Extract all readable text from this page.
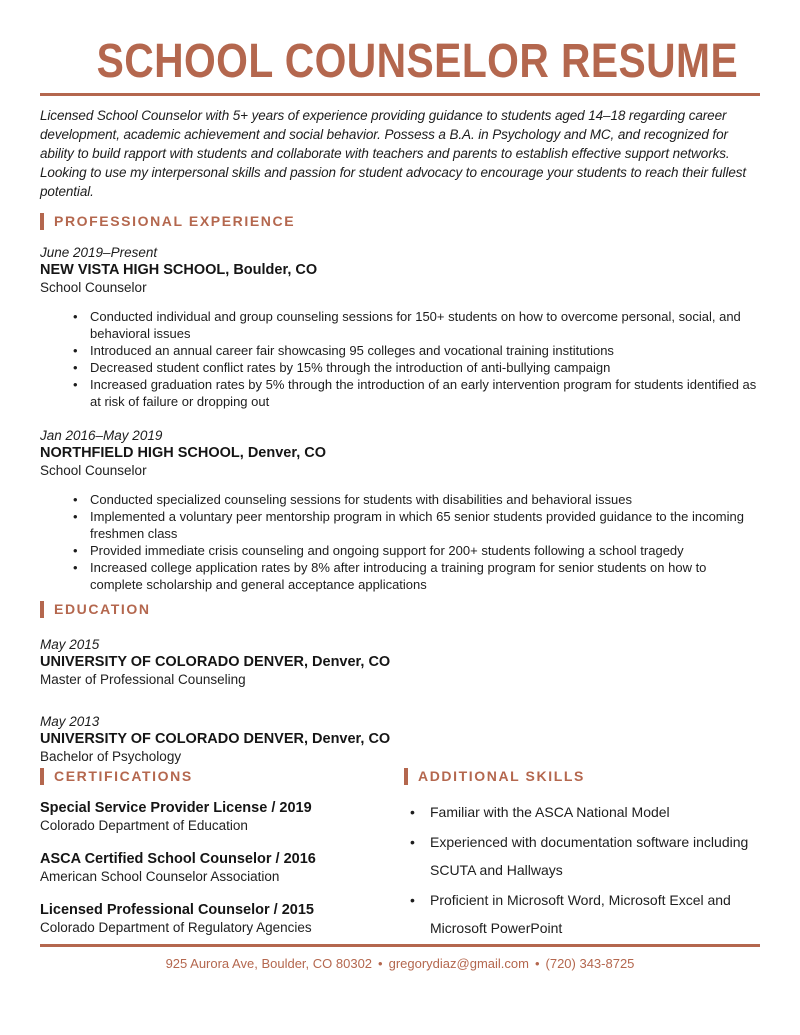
SCHOOL COUNSELOR RESUME
Licensed School Counselor with 5+ years of experience providing guidance to students aged 14–18 regarding career development, academic achievement and social behavior. Possess a B.A. in Psychology and MC, and recognized for ability to build rapport with students and collaborate with teachers and parents to establish effective support networks. Looking to use my interpersonal skills and passion for student advocacy to encourage your students to reach their fullest potential.
PROFESSIONAL EXPERIENCE
June 2019–Present
NEW VISTA HIGH SCHOOL, Boulder, CO
School Counselor
• Conducted individual and group counseling sessions for 150+ students on how to overcome personal, social, and behavioral issues
• Introduced an annual career fair showcasing 95 colleges and vocational training institutions
• Decreased student conflict rates by 15% through the introduction of anti-bullying campaign
• Increased graduation rates by 5% through the introduction of an early intervention program for students identified as at risk of failure or dropping out
Jan 2016–May 2019
NORTHFIELD HIGH SCHOOL, Denver, CO
School Counselor
• Conducted specialized counseling sessions for students with disabilities and behavioral issues
• Implemented a voluntary peer mentorship program in which 65 senior students provided guidance to the incoming freshmen class
• Provided immediate crisis counseling and ongoing support for 200+ students following a school tragedy
• Increased college application rates by 8% after introducing a training program for senior students on how to complete scholarship and general acceptance applications
EDUCATION
May 2015
UNIVERSITY OF COLORADO DENVER, Denver, CO
Master of Professional Counseling
May 2013
UNIVERSITY OF COLORADO DENVER, Denver, CO
Bachelor of Psychology
CERTIFICATIONS
Special Service Provider License / 2019
Colorado Department of Education
ASCA Certified School Counselor / 2016
American School Counselor Association
Licensed Professional Counselor / 2015
Colorado Department of Regulatory Agencies
ADDITIONAL SKILLS
• Familiar with the ASCA National Model
• Experienced with documentation software including SCUTA and Hallways
• Proficient in Microsoft Word, Microsoft Excel and Microsoft PowerPoint
925 Aurora Ave, Boulder, CO 80302 • gregorydiaz@gmail.com • (720) 343-8725
